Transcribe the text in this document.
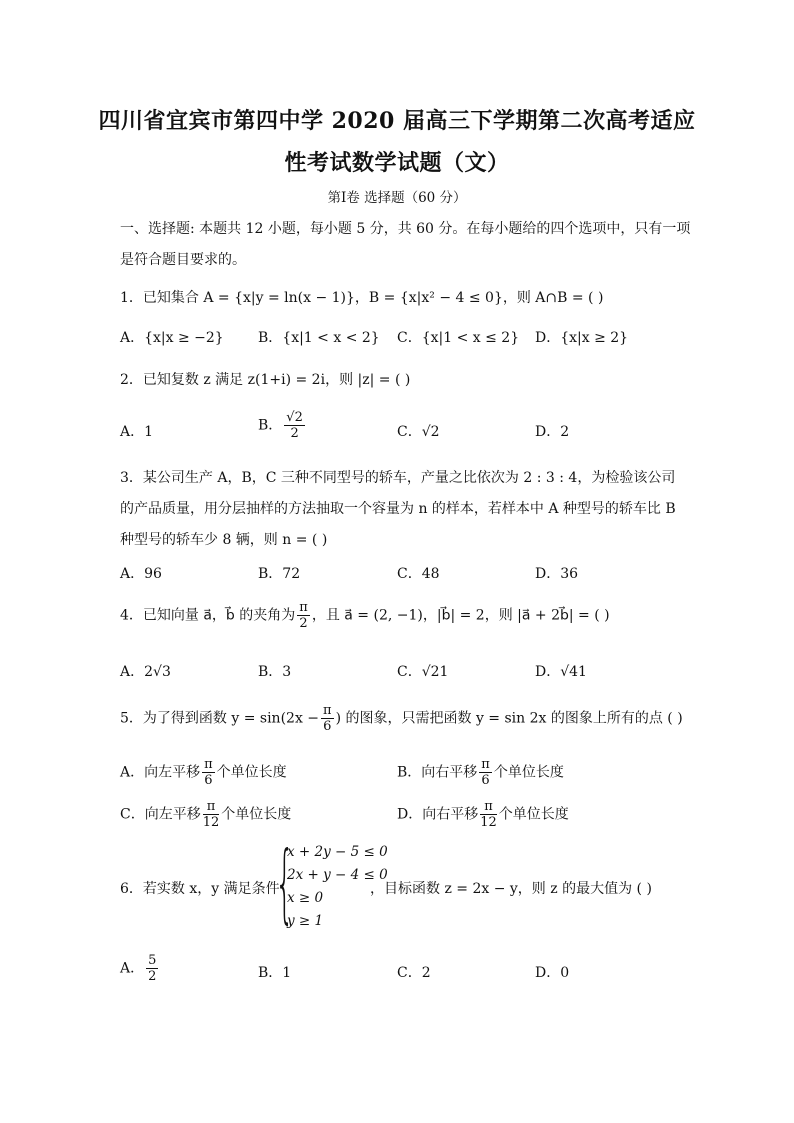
四川省宜宾市第四中学 2020 届高三下学期第二次高考适应
性考试数学试题（文）
第I卷 选择题（60 分）
一、选择题: 本题共 12 小题，每小题 5 分，共 60 分。在每小题给的四个选项中，只有一项
是符合题目要求的。
1．已知集合 A = {x|y = ln(x − 1)}，B = {x|x² − 4 ≤ 0}，则 A∩B = ( )
A．{x|x ≥ −2} B．{x|1 < x < 2} C．{x|1 < x ≤ 2} D．{x|x ≥ 2}
2．已知复数 z 满足 z(1+i) = 2i，则 |z| = ( )
A．1	B． $\frac{√2}{2}$	C．√2	D．2
3．某公司生产 A，B，C 三种不同型号的轿车，产量之比依次为 2 : 3 : 4，为检验该公司
的产品质量，用分层抽样的方法抽取一个容量为 n 的样本，若样本中 A 种型号的轿车比 B
种型号的轿车少 8 辆，则 n = ( )
A．96	B．72	C．48	D．36
4．已知向量 a⃗，b⃗ 的夹角为 $\frac{\pi}{2}$ ，且 a⃗ = (2, −1)，|b⃗| = 2，则 |a⃗ + 2b⃗| = ( )
A．2√3	B．3	C．√21	D．√41
5．为了得到函数 $y = \sin(2x - \frac{\pi}{6}$ ) 的图象，只需把函数 y = sin 2x 的图象上所有的点 ( )
A．向左平移 $\frac{\pi}{6}$ 个单位长度	B．向右平移 $\frac{\pi}{6}$ 个单位长度
C．向左平移 $\frac{\pi}{12}$ 个单位长度	D．向右平移 $\frac{\pi}{12}$ 个单位长度
6．若实数 x，y 满足条件
{
x + 2y − 5 ≤ 0
2x + y − 4 ≤ 0
x ≥ 0
y ≥ 1
，目标函数 z = 2x − y，则 z 的最大值为 ( )
A． $\frac{5}{2}$	B．1	C．2	D．0
